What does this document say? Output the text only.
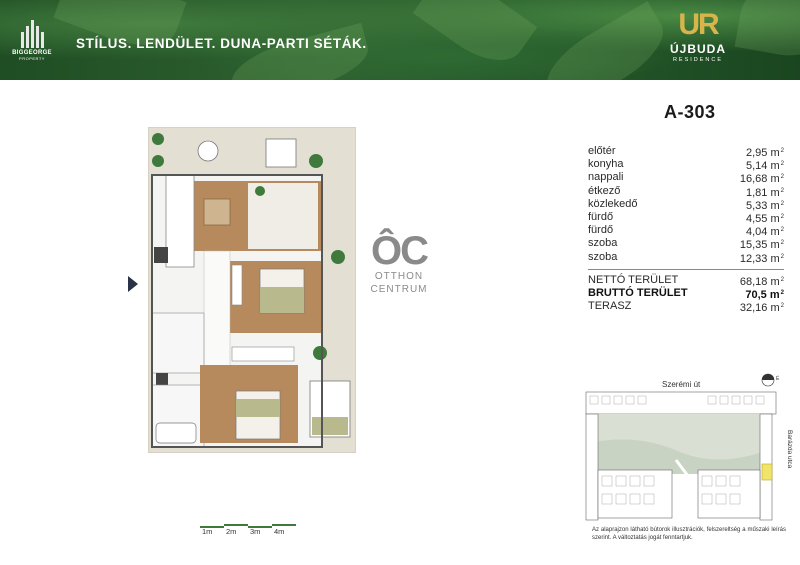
BIGGEORGE
PROPERTY
STÍLUS. LENDÜLET. DUNA-PARTI SÉTÁK.
UR
ÚJBUDA
RESIDENCE
A-303
előtér	2,95 $m^2$
konyha	5,14 $m^2$
nappali	16,68 $m^2$
étkező	1,81 $m^2$
közlekedő	5,33 $m^2$
fürdő	4,55 $m^2$
fürdő	4,04 $m^2$
szoba	15,35 $m^2$
szoba	12,33 $m^2$
NETTÓ TERÜLET	68,18 $m^2$
BRUTTÓ TERÜLET	70,5 $m^2$
TERASZ	32,16 $m^2$
ÔC
OTTHON
CENTRUM
1m 2m 3m 4m
Szerémi út
É
Barázda utca
Az alaprajzon látható bútorok illusztrációk, felszereltség a műszaki leírás szerint. A változtatás jogát fenntartjuk.
